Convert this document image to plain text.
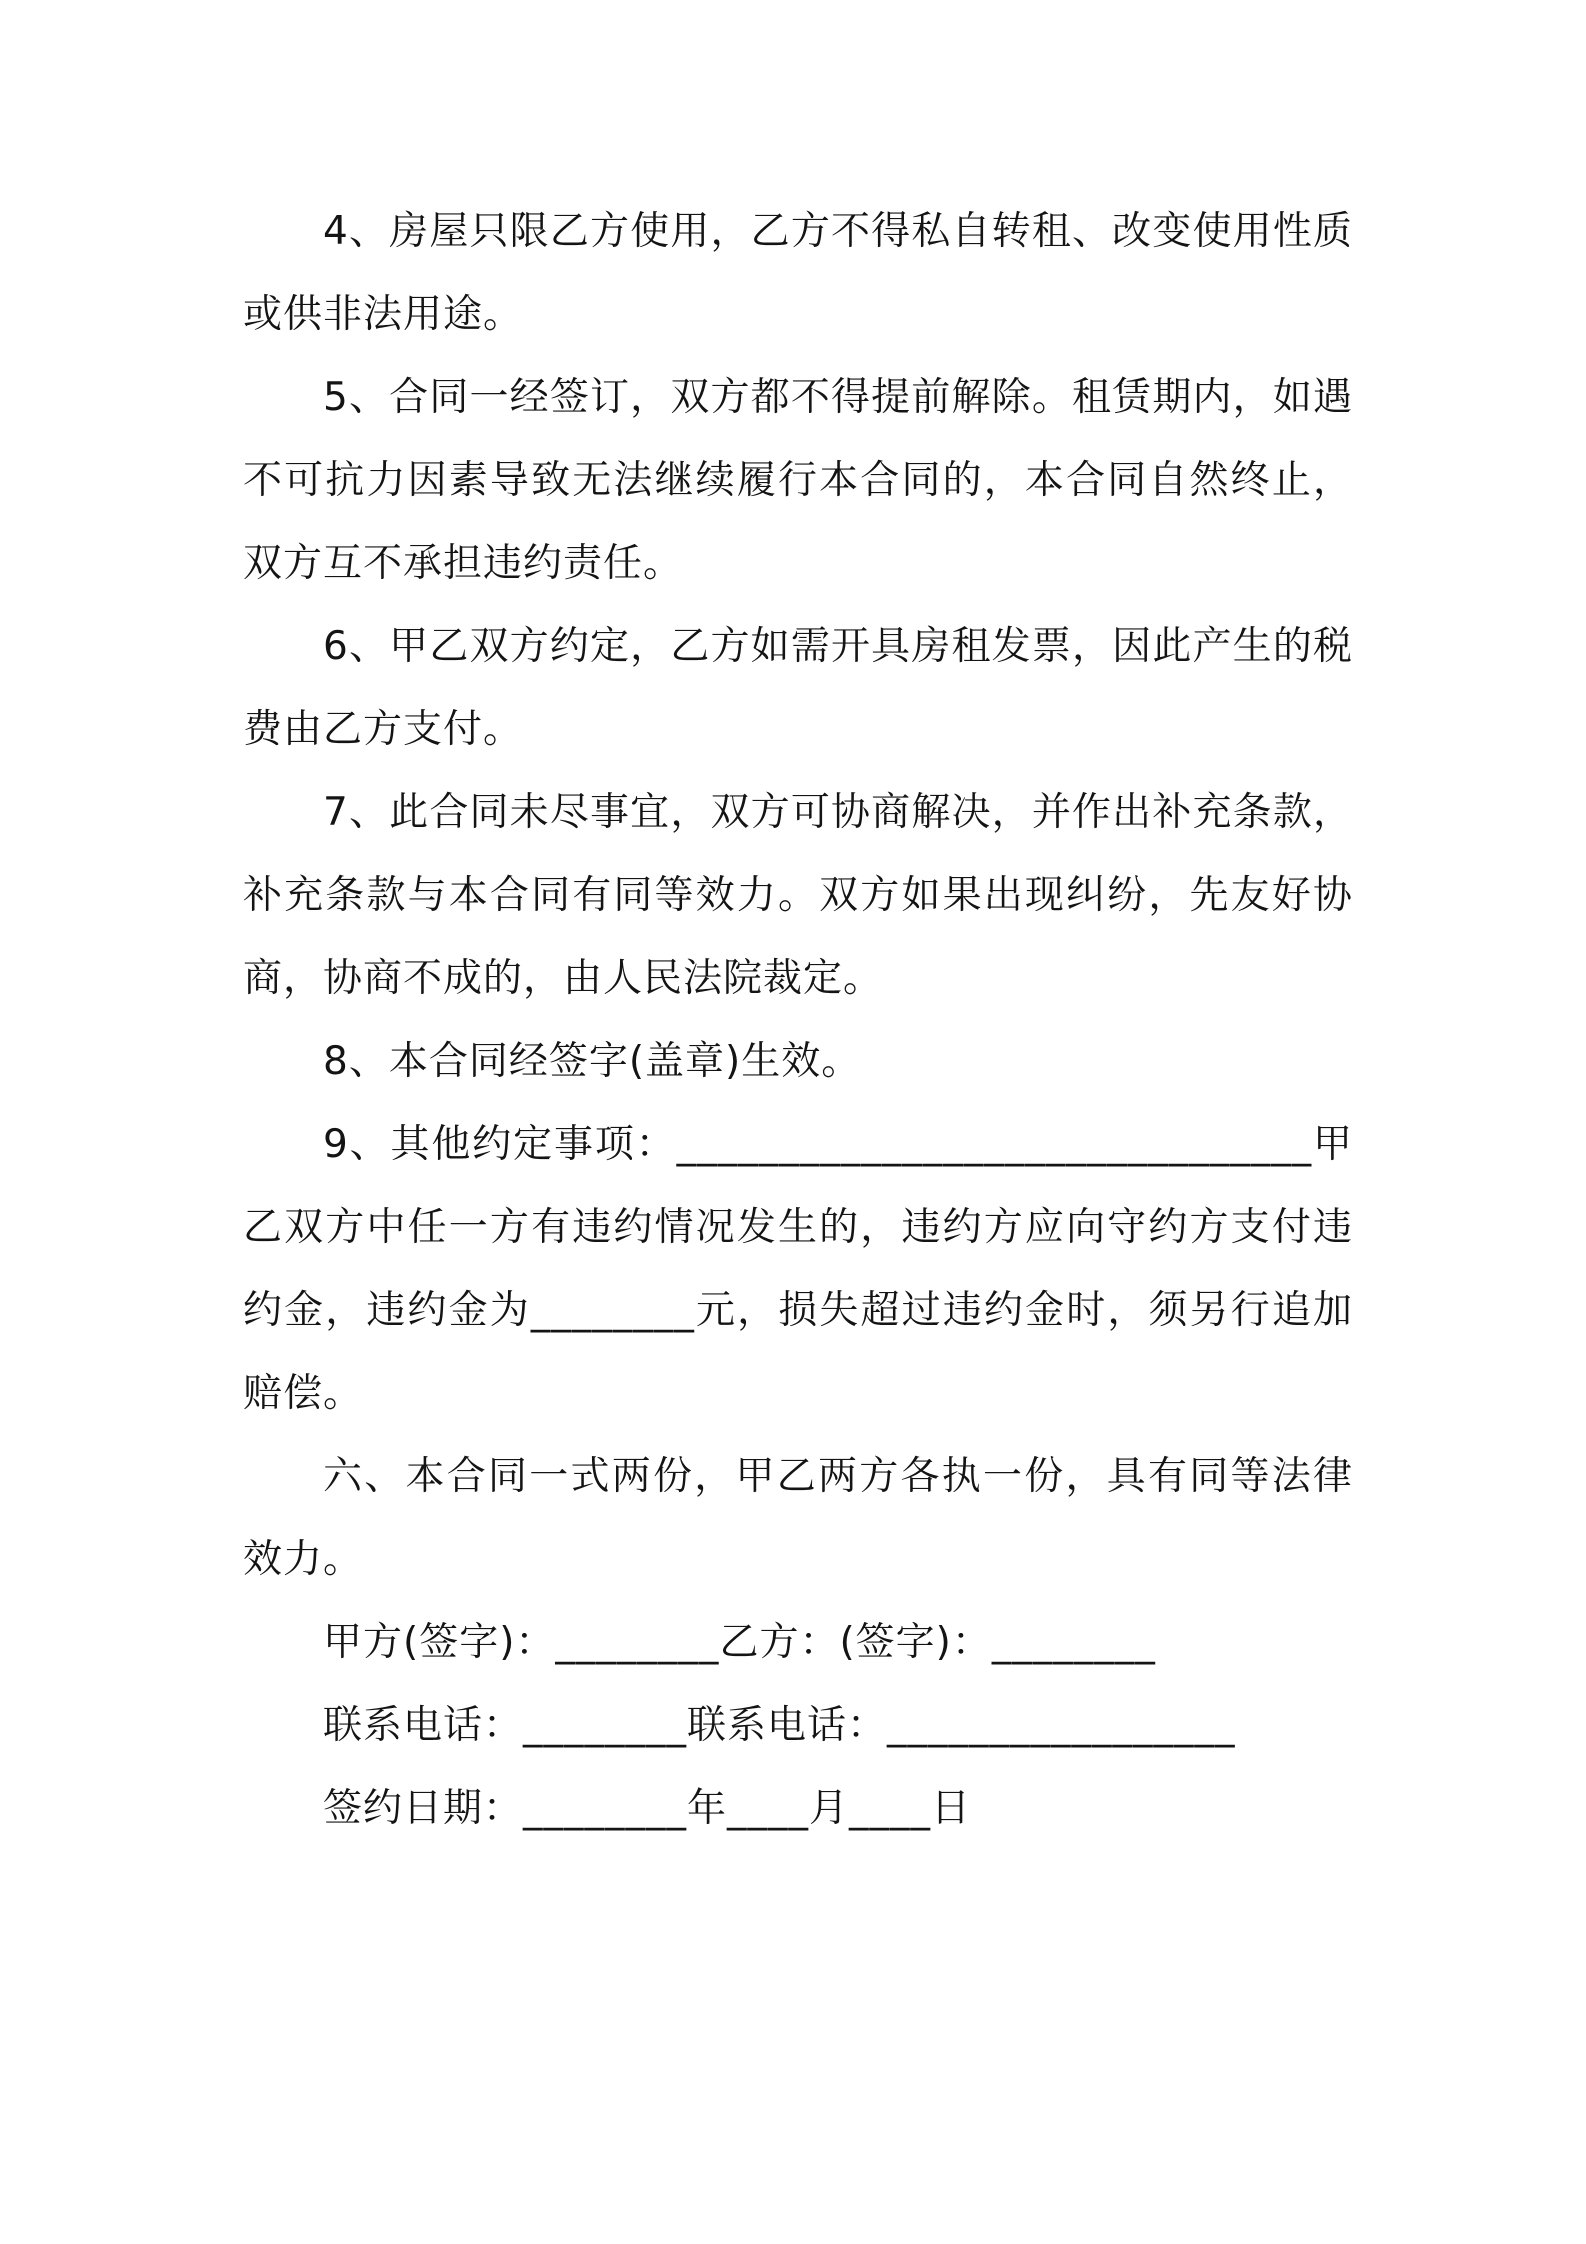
4、房屋只限乙方使用，乙方不得私自转租、改变使用性质或供非法用途。

5、合同一经签订，双方都不得提前解除。租赁期内，如遇不可抗力因素导致无法继续履行本合同的，本合同自然终止，双方互不承担违约责任。

6、甲乙双方约定，乙方如需开具房租发票，因此产生的税费由乙方支付。

7、此合同未尽事宜，双方可协商解决，并作出补充条款，补充条款与本合同有同等效力。双方如果出现纠纷，先友好协商，协商不成的，由人民法院裁定。

8、本合同经签字(盖章)生效。

9、其他约定事项：_______________________________甲乙双方中任一方有违约情况发生的，违约方应向守约方支付违约金，违约金为________元，损失超过违约金时，须另行追加赔偿。

六、本合同一式两份，甲乙两方各执一份，具有同等法律效力。

甲方(签字)：________乙方：(签字)：________
联系电话：________联系电话：_________________
签约日期：________年____月____日
